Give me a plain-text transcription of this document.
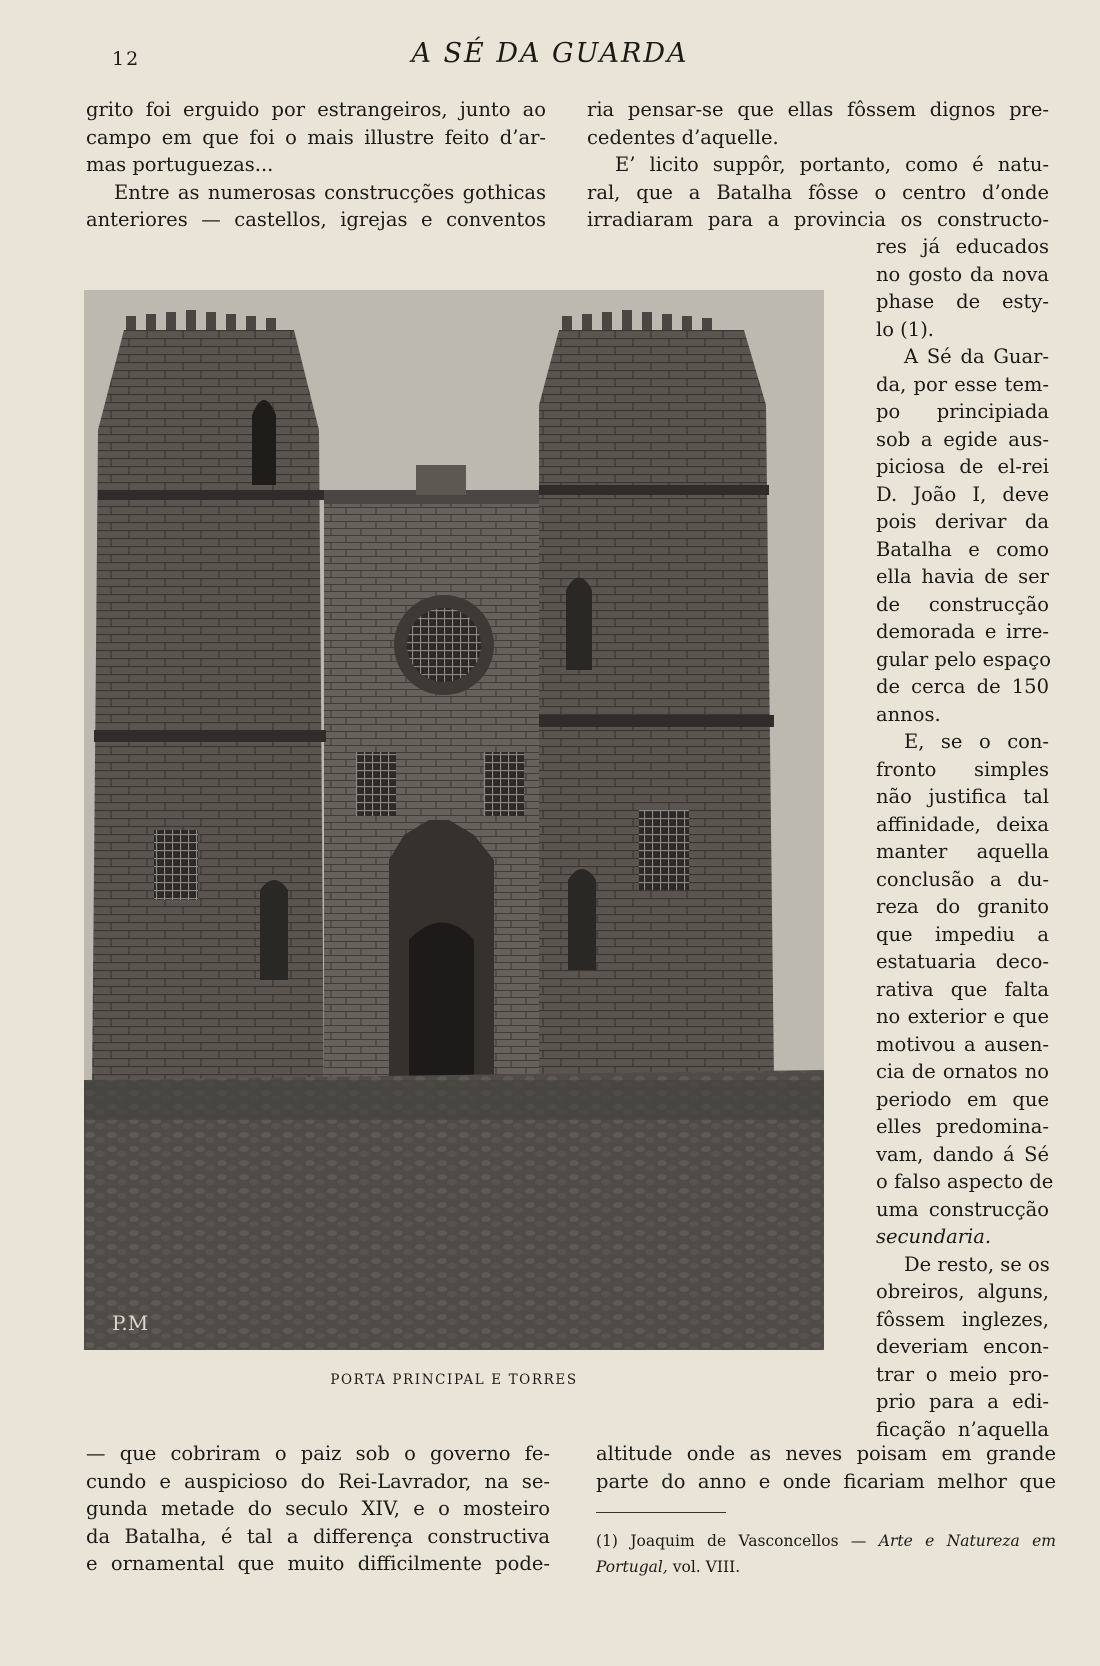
12	A SÉ DA GUARDA
grito foi erguido por estrangeiros, junto ao
campo em que foi o mais illustre feito d’ar-
mas portuguezas...
Entre as numerosas construcções gothicas
anteriores — castellos, igrejas e conventos
ria pensar-se que ellas fôssem dignos pre-
cedentes d’aquelle.
E’ licito suppôr, portanto, como é natu-
ral, que a Batalha fôsse o centro d’onde
irradiaram para a provincia os constructo-
res já educados
no gosto da nova
phase de esty-
lo (1).
A Sé da Guar-
da, por esse tem-
po principiada
sob a egide aus-
piciosa de el-rei
D. João I, deve
pois derivar da
Batalha e como
ella havia de ser
de construcção
demorada e irre-
gular pelo espaço
de cerca de 150
annos.
E, se o con-
fronto simples
não justifica tal
affinidade, deixa
manter aquella
conclusão a du-
reza do granito
que impediu a
estatuaria deco-
rativa que falta
no exterior e que
motivou a ausen-
cia de ornatos no
periodo em que
elles predomina-
vam, dando á Sé
o falso aspecto de
uma construcção
secundaria.
De resto, se os
obreiros, alguns,
fôssem inglezes,
deveriam encon-
trar o meio pro-
prio para a edi-
ficação n’aquella
P.M
PORTA PRINCIPAL E TORRES
— que cobriram o paiz sob o governo fe-
cundo e auspicioso do Rei-Lavrador, na se-
gunda metade do seculo XIV, e o mosteiro
da Batalha, é tal a differença constructiva
e ornamental que muito difficilmente pode-
altitude onde as neves poisam em grande
parte do anno e onde ficariam melhor que
(1) Joaquim de Vasconcellos — Arte e Natureza em
Portugal, vol. VIII.
